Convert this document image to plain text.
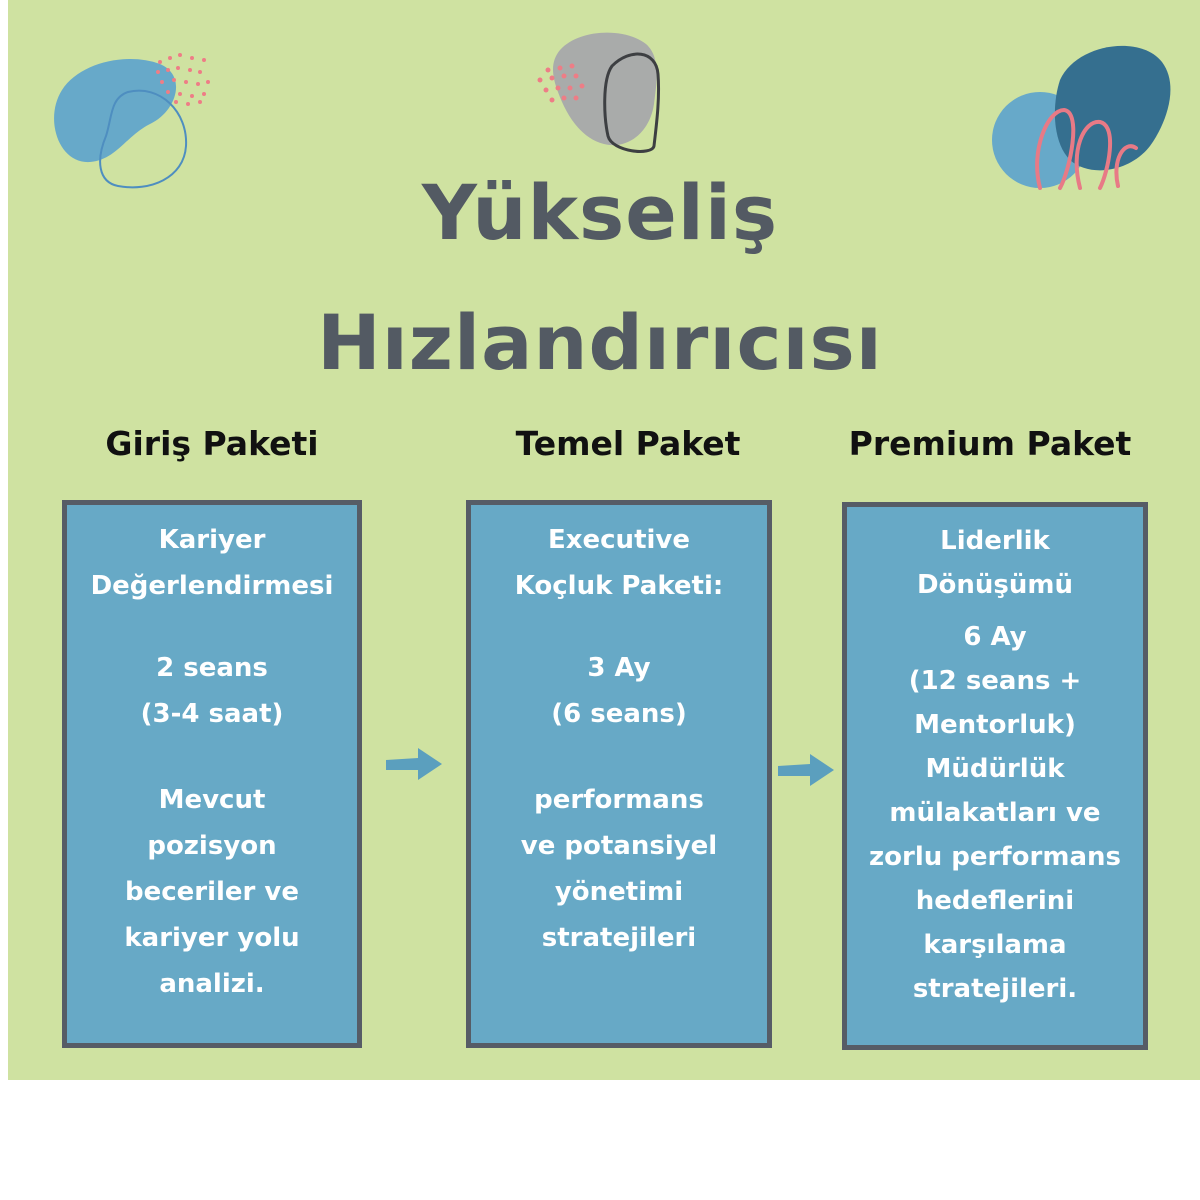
Yükseliş
Hızlandırıcısı
Giriş Paketi	Temel Paket	Premium Paket

Kariyer
Değerlendirmesi

2 seans
(3-4 saat)

Mevcut
pozisyon
beceriler ve
kariyer yolu
analizi.

Executive
Koçluk Paketi:

3 Ay
(6 seans)

performans
ve potansiyel
yönetimi
stratejileri

Liderlik
Dönüşümü

6 Ay
(12 seans +
Mentorluk)

Müdürlük
mülakatları ve
zorlu performans
hedeflerini
karşılama
stratejileri.
